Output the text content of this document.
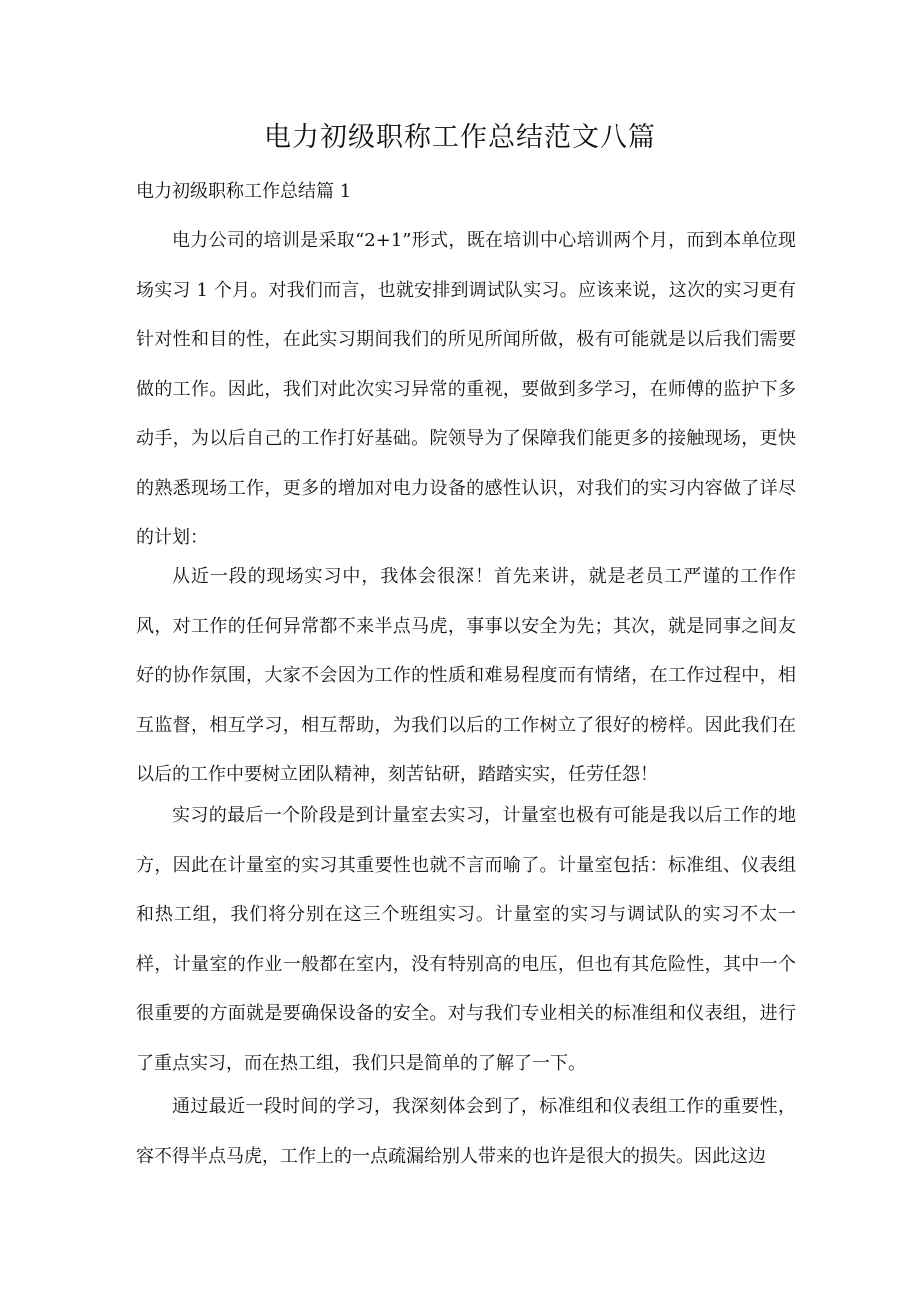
电力初级职称工作总结范文八篇
电力初级职称工作总结篇 1

电力公司的培训是采取“2+1”形式，既在培训中心培训两个月，而到本单位现场实习 1 个月。对我们而言，也就安排到调试队实习。应该来说，这次的实习更有针对性和目的性，在此实习期间我们的所见所闻所做，极有可能就是以后我们需要做的工作。因此，我们对此次实习异常的重视，要做到多学习，在师傅的监护下多动手，为以后自己的工作打好基础。院领导为了保障我们能更多的接触现场，更快的熟悉现场工作，更多的增加对电力设备的感性认识，对我们的实习内容做了详尽的计划：

从近一段的现场实习中，我体会很深！首先来讲，就是老员工严谨的工作作风，对工作的任何异常都不来半点马虎，事事以安全为先；其次，就是同事之间友好的协作氛围，大家不会因为工作的性质和难易程度而有情绪，在工作过程中，相互监督，相互学习，相互帮助，为我们以后的工作树立了很好的榜样。因此我们在以后的工作中要树立团队精神，刻苦钻研，踏踏实实，任劳任怨！

实习的最后一个阶段是到计量室去实习，计量室也极有可能是我以后工作的地方，因此在计量室的实习其重要性也就不言而喻了。计量室包括：标准组、仪表组和热工组，我们将分别在这三个班组实习。计量室的实习与调试队的实习不太一样，计量室的作业一般都在室内，没有特别高的电压，但也有其危险性，其中一个很重要的方面就是要确保设备的安全。对与我们专业相关的标准组和仪表组，进行了重点实习，而在热工组，我们只是简单的了解了一下。

通过最近一段时间的学习，我深刻体会到了，标准组和仪表组工作的重要性，容不得半点马虎，工作上的一点疏漏给别人带来的也许是很大的损失。因此这边
